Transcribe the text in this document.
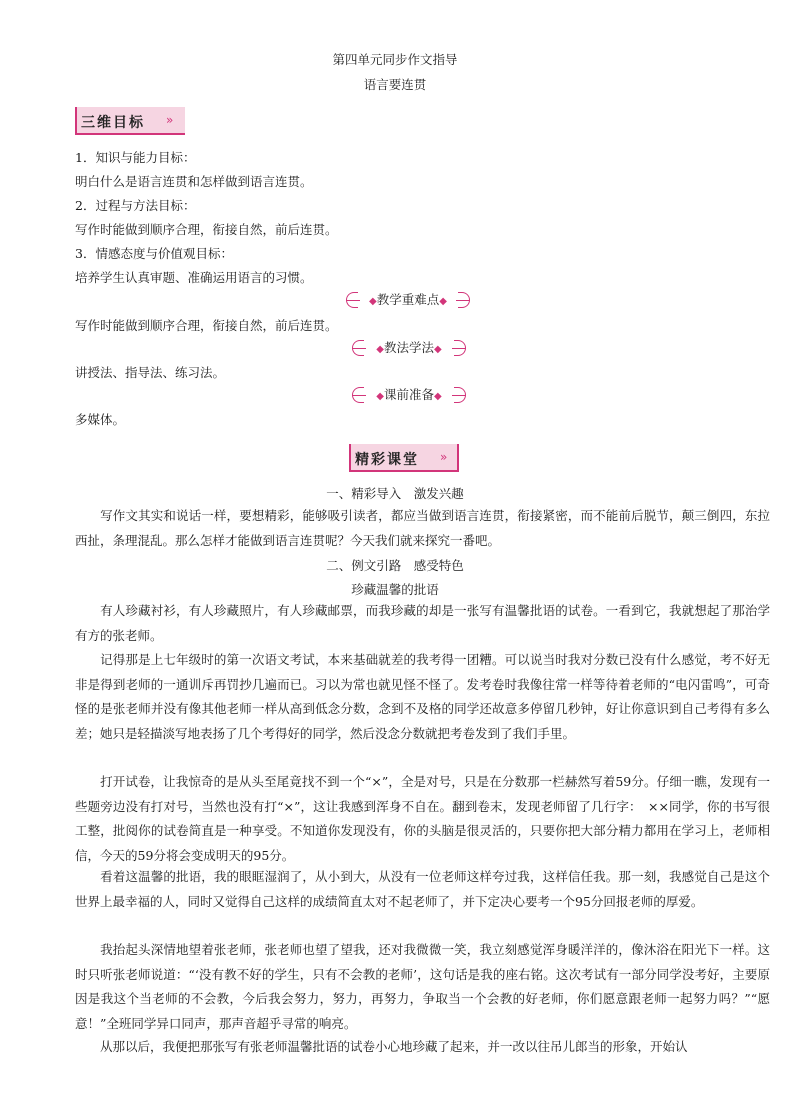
第四单元同步作文指导
语言要连贯
三维目标 »
1．知识与能力目标：
明白什么是语言连贯和怎样做到语言连贯。
2．过程与方法目标：
写作时能做到顺序合理，衔接自然，前后连贯。
3．情感态度与价值观目标：
培养学生认真审题、准确运用语言的习惯。
◆教学重难点◆
写作时能做到顺序合理，衔接自然，前后连贯。
◆教法学法◆
讲授法、指导法、练习法。
◆课前准备◆
多媒体。
精彩课堂 »
一、精彩导入　激发兴趣
写作文其实和说话一样，要想精彩，能够吸引读者，都应当做到语言连贯，衔接紧密，而不能前后脱节，颠三倒四，东拉西扯，条理混乱。那么怎样才能做到语言连贯呢？今天我们就来探究一番吧。
二、例文引路　感受特色
珍藏温馨的批语
有人珍藏衬衫，有人珍藏照片，有人珍藏邮票，而我珍藏的却是一张写有温馨批语的试卷。一看到它，我就想起了那治学有方的张老师。
记得那是上七年级时的第一次语文考试，本来基础就差的我考得一团糟。可以说当时我对分数已没有什么感觉，考不好无非是得到老师的一通训斥再罚抄几遍而已。习以为常也就见怪不怪了。发考卷时我像往常一样等待着老师的“电闪雷鸣”，可奇怪的是张老师并没有像其他老师一样从高到低念分数，念到不及格的同学还故意多停留几秒钟，好让你意识到自己考得有多么差；她只是轻描淡写地表扬了几个考得好的同学，然后没念分数就把考卷发到了我们手里。
打开试卷，让我惊奇的是从头至尾竟找不到一个“×”，全是对号，只是在分数那一栏赫然写着59分。仔细一瞧，发现有一些题旁边没有打对号，当然也没有打“×”，这让我感到浑身不自在。翻到卷末，发现老师留了几行字：　××同学，你的书写很工整，批阅你的试卷简直是一种享受。不知道你发现没有，你的头脑是很灵活的，只要你把大部分精力都用在学习上，老师相信，今天的59分将会变成明天的95分。
看着这温馨的批语，我的眼眶湿润了，从小到大，从没有一位老师这样夸过我，这样信任我。那一刻，我感觉自己是这个世界上最幸福的人，同时又觉得自己这样的成绩简直太对不起老师了，并下定决心要考一个95分回报老师的厚爱。
我抬起头深情地望着张老师，张老师也望了望我，还对我微微一笑，我立刻感觉浑身暖洋洋的，像沐浴在阳光下一样。这时只听张老师说道：“‘没有教不好的学生，只有不会教的老师’，这句话是我的座右铭。这次考试有一部分同学没考好，主要原因是我这个当老师的不会教，今后我会努力，努力，再努力，争取当一个会教的好老师，你们愿意跟老师一起努力吗？”“愿意！”全班同学异口同声，那声音超乎寻常的响亮。
从那以后，我便把那张写有张老师温馨批语的试卷小心地珍藏了起来，并一改以往吊儿郎当的形象，开始认
